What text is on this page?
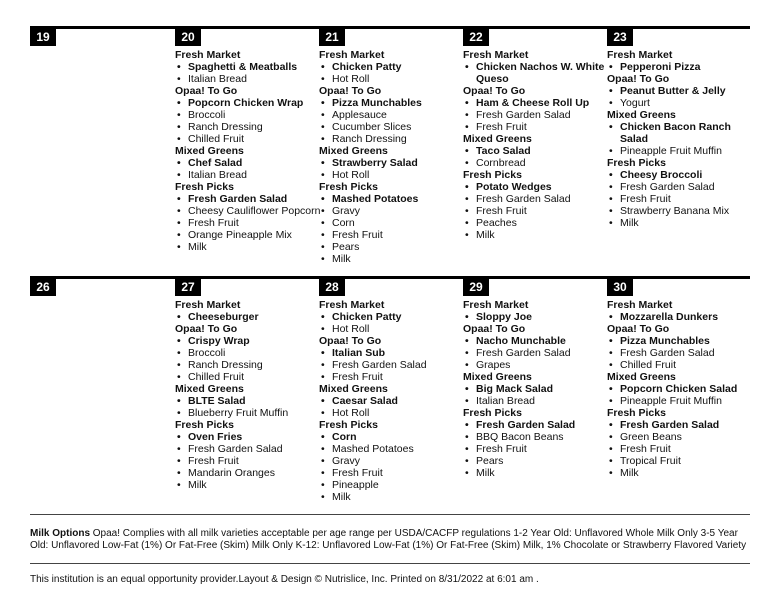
19	20
Fresh Market
• Spaghetti & Meatballs
• Italian Bread
Opaa! To Go
• Popcorn Chicken Wrap
• Broccoli
• Ranch Dressing
• Chilled Fruit
Mixed Greens
• Chef Salad
• Italian Bread
Fresh Picks
• Fresh Garden Salad
• Cheesy Cauliflower Popcorn
• Fresh Fruit
• Orange Pineapple Mix
• Milk
21
Fresh Market
• Chicken Patty
• Hot Roll
Opaa! To Go
• Pizza Munchables
• Applesauce
• Cucumber Slices
• Ranch Dressing
Mixed Greens
• Strawberry Salad
• Hot Roll
Fresh Picks
• Mashed Potatoes
• Gravy
• Corn
• Fresh Fruit
• Pears
• Milk
22
Fresh Market
• Chicken Nachos W. White Queso
Opaa! To Go
• Ham & Cheese Roll Up
• Fresh Garden Salad
• Fresh Fruit
Mixed Greens
• Taco Salad
• Cornbread
Fresh Picks
• Potato Wedges
• Fresh Garden Salad
• Fresh Fruit
• Peaches
• Milk
23
Fresh Market
• Pepperoni Pizza
Opaa! To Go
• Peanut Butter & Jelly
• Yogurt
Mixed Greens
• Chicken Bacon Ranch Salad
• Pineapple Fruit Muffin
Fresh Picks
• Cheesy Broccoli
• Fresh Garden Salad
• Fresh Fruit
• Strawberry Banana Mix
• Milk
26	27
Fresh Market
• Cheeseburger
Opaa! To Go
• Crispy Wrap
• Broccoli
• Ranch Dressing
• Chilled Fruit
Mixed Greens
• BLTE Salad
• Blueberry Fruit Muffin
Fresh Picks
• Oven Fries
• Fresh Garden Salad
• Fresh Fruit
• Mandarin Oranges
• Milk
28
Fresh Market
• Chicken Patty
• Hot Roll
Opaa! To Go
• Italian Sub
• Fresh Garden Salad
• Fresh Fruit
Mixed Greens
• Caesar Salad
• Hot Roll
Fresh Picks
• Corn
• Mashed Potatoes
• Gravy
• Fresh Fruit
• Pineapple
• Milk
29
Fresh Market
• Sloppy Joe
Opaa! To Go
• Nacho Munchable
• Fresh Garden Salad
• Grapes
Mixed Greens
• Big Mack Salad
• Italian Bread
Fresh Picks
• Fresh Garden Salad
• BBQ Bacon Beans
• Fresh Fruit
• Pears
• Milk
30
Fresh Market
• Mozzarella Dunkers
Opaa! To Go
• Pizza Munchables
• Fresh Garden Salad
• Chilled Fruit
Mixed Greens
• Popcorn Chicken Salad
• Pineapple Fruit Muffin
Fresh Picks
• Fresh Garden Salad
• Green Beans
• Fresh Fruit
• Tropical Fruit
• Milk
Milk Options Opaa! Complies with all milk varieties acceptable per age range per USDA/CACFP regulations 1-2 Year Old: Unflavored Whole Milk Only 3-5 Year Old: Unflavored Low-Fat (1%) Or Fat-Free (Skim) Milk Only K-12: Unflavored Low-Fat (1%) Or Fat-Free (Skim) Milk, 1% Chocolate or Strawberry Flavored Variety
This institution is an equal opportunity provider.Layout & Design © Nutrislice, Inc. Printed on 8/31/2022 at 6:01 am .
